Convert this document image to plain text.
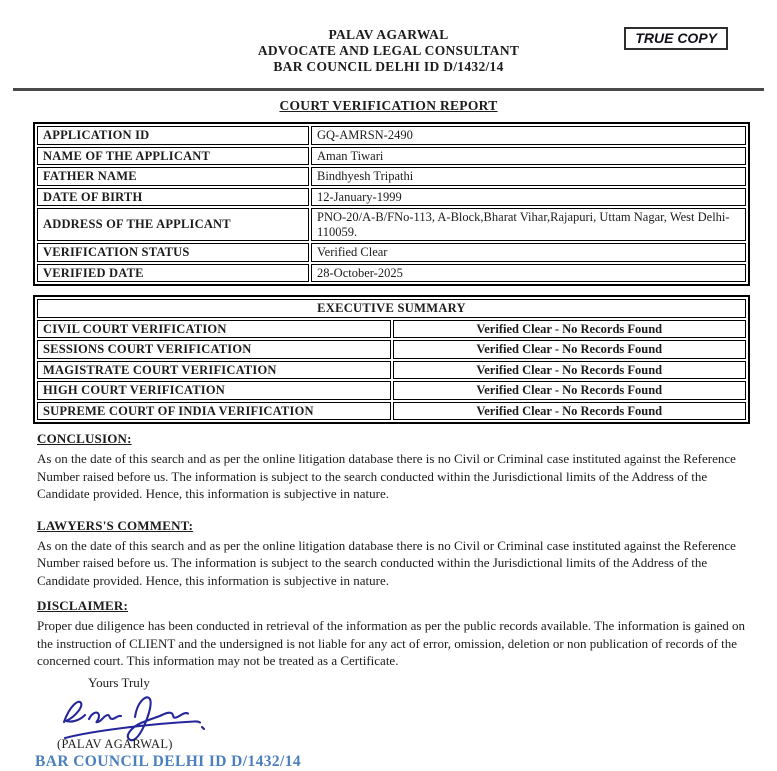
PALAV AGARWAL
ADVOCATE AND LEGAL CONSULTANT
BAR COUNCIL DELHI ID D/1432/14
TRUE COPY
COURT VERIFICATION REPORT
APPLICATION ID	GQ-AMRSN-2490
NAME OF THE APPLICANT	Aman Tiwari
FATHER NAME	Bindhyesh Tripathi
DATE OF BIRTH	12-January-1999
ADDRESS OF THE APPLICANT	PNO-20/A-B/FNo-113, A-Block,Bharat Vihar,Rajapuri, Uttam Nagar, West Delhi-110059.
VERIFICATION STATUS	Verified Clear
VERIFIED DATE	28-October-2025
EXECUTIVE SUMMARY	
CIVIL COURT VERIFICATION	Verified Clear - No Records Found
SESSIONS COURT VERIFICATION	Verified Clear - No Records Found
MAGISTRATE COURT VERIFICATION	Verified Clear - No Records Found
HIGH COURT VERIFICATION	Verified Clear - No Records Found
SUPREME COURT OF INDIA VERIFICATION	Verified Clear - No Records Found
CONCLUSION:
As on the date of this search and as per the online litigation database there is no Civil or Criminal case instituted against the Reference Number raised before us. The information is subject to the search conducted within the Jurisdictional limits of the Address of the Candidate provided. Hence, this information is subjective in nature.
LAWYERS'S COMMENT:
As on the date of this search and as per the online litigation database there is no Civil or Criminal case instituted against the Reference Number raised before us. The information is subject to the search conducted within the Jurisdictional limits of the Address of the Candidate provided. Hence, this information is subjective in nature.
DISCLAIMER:
Proper due diligence has been conducted in retrieval of the information as per the public records available. The information is gained on the instruction of CLIENT and the undersigned is not liable for any act of error, omission, deletion or non publication of records of the concerned court. This information may not be treated as a Certificate.
Yours Truly
(PALAV AGARWAL)
BAR COUNCIL DELHI ID D/1432/14
